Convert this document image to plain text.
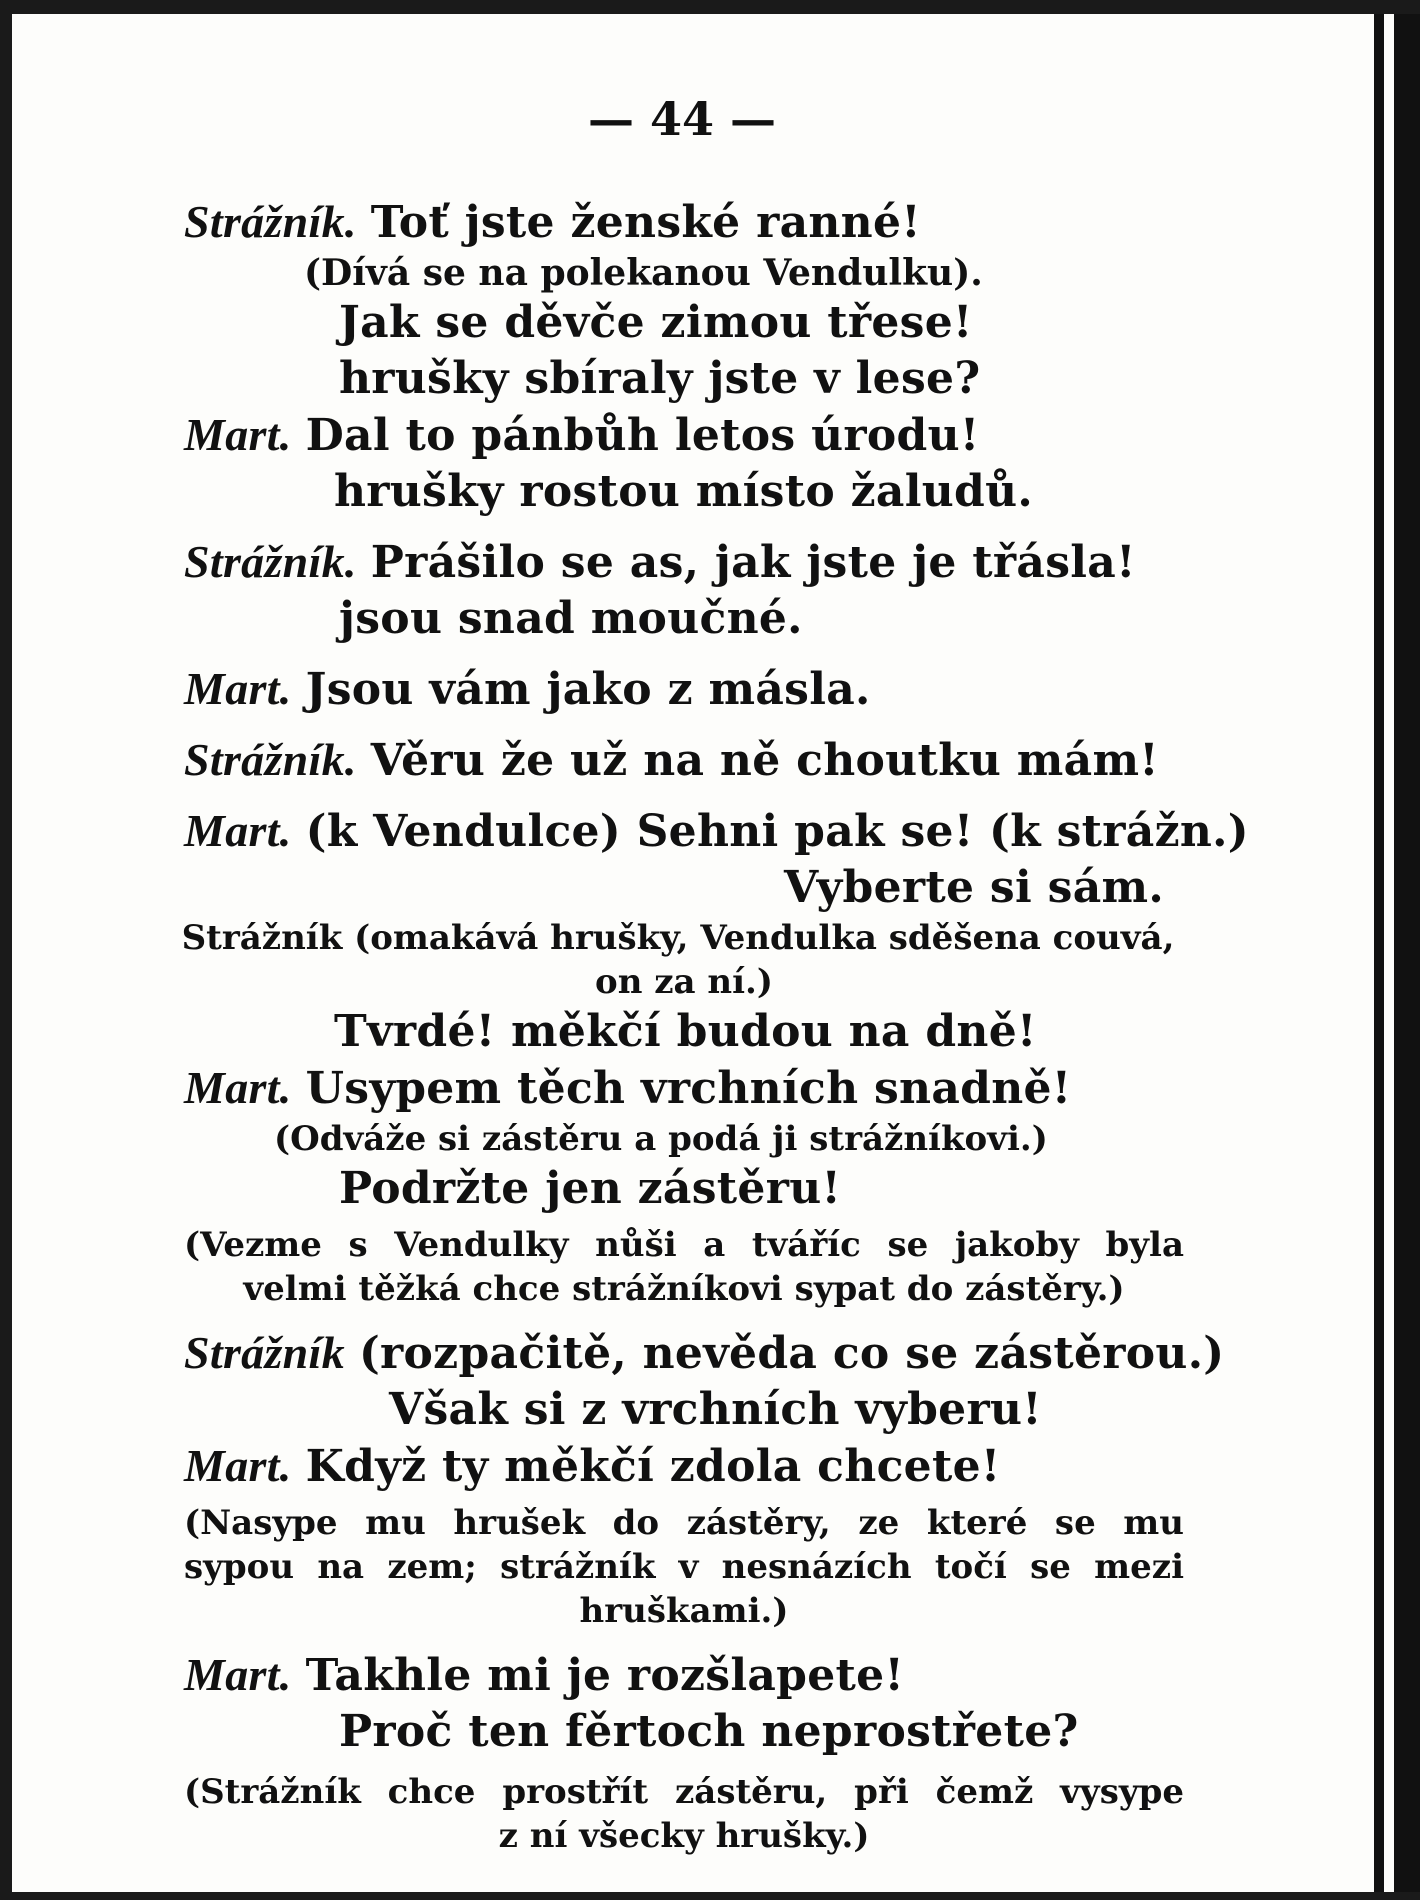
— 44 —
Strážník. Toť jste ženské ranné!
(Dívá se na polekanou Vendulku).
Jak se děvče zimou třese!
hrušky sbíraly jste v lese?
Mart. Dal to pánbůh letos úrodu!
hrušky rostou místo žaludů.
Strážník. Prášilo se as, jak jste je třásla!
jsou snad moučné.
Mart. Jsou vám jako z másla.
Strážník. Věru že už na ně choutku mám!
Mart. (k Vendulce) Sehni pak se! (k strážn.)
Vyberte si sám.
Strážník (omakává hrušky, Vendulka sděšena couvá,
on za ní.)
Tvrdé! měkčí budou na dně!
Mart. Usypem těch vrchních snadně!
(Odváže si zástěru a podá ji strážníkovi.)
Podržte jen zástěru!
(Vezme s Vendulky nůši a tváříc se jakoby byla
velmi těžká chce strážníkovi sypat do zástěry.)
Strážník (rozpačitě, nevěda co se zástěrou.)
Však si z vrchních vyberu!
Mart. Když ty měkčí zdola chcete!
(Nasype mu hrušek do zástěry, ze které se mu
sypou na zem; strážník v nesnázích točí se mezi
hruškami.)
Mart. Takhle mi je rozšlapete!
Proč ten fěrtoch neprostřete?
(Strážník chce prostřít zástěru, při čemž vysype
z ní všecky hrušky.)
